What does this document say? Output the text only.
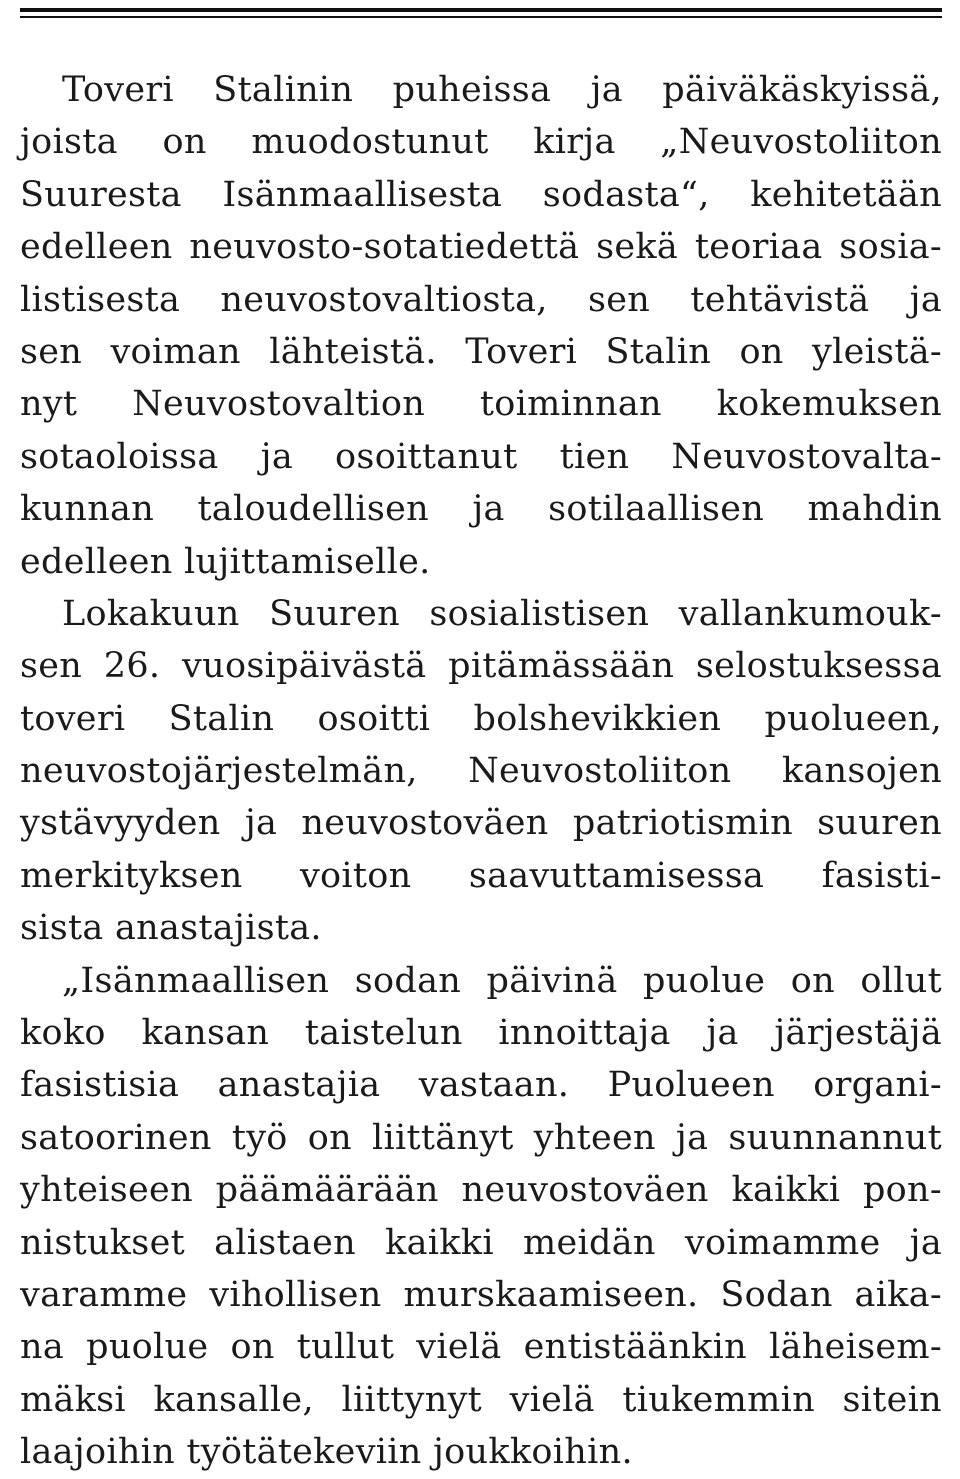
Toveri Stalinin puheissa ja päiväkäskyissä,
joista on muodostunut kirja „Neuvostoliiton
Suuresta Isänmaallisesta sodasta“, kehitetään
edelleen neuvosto-sotatiedettä sekä teoriaa sosia-
listisesta neuvostovaltiosta, sen tehtävistä ja
sen voiman lähteistä. Toveri Stalin on yleistä-
nyt Neuvostovaltion toiminnan kokemuksen
sotaoloissa ja osoittanut tien Neuvostovalta-
kunnan taloudellisen ja sotilaallisen mahdin
edelleen lujittamiselle.
Lokakuun Suuren sosialistisen vallankumouk-
sen 26. vuosipäivästä pitämässään selostuksessa
toveri Stalin osoitti bolshevikkien puolueen,
neuvostojärjestelmän, Neuvostoliiton kansojen
ystävyyden ja neuvostoväen patriotismin suuren
merkityksen voiton saavuttamisessa fasisti-
sista anastajista.
„Isänmaallisen sodan päivinä puolue on ollut
koko kansan taistelun innoittaja ja järjestäjä
fasistisia anastajia vastaan. Puolueen organi-
satoorinen työ on liittänyt yhteen ja suunnannut
yhteiseen päämäärään neuvostoväen kaikki pon-
nistukset alistaen kaikki meidän voimamme ja
varamme vihollisen murskaamiseen. Sodan aika-
na puolue on tullut vielä entistäänkin läheisem-
mäksi kansalle, liittynyt vielä tiukemmin sitein
laajoihin työtätekeviin joukkoihin.
